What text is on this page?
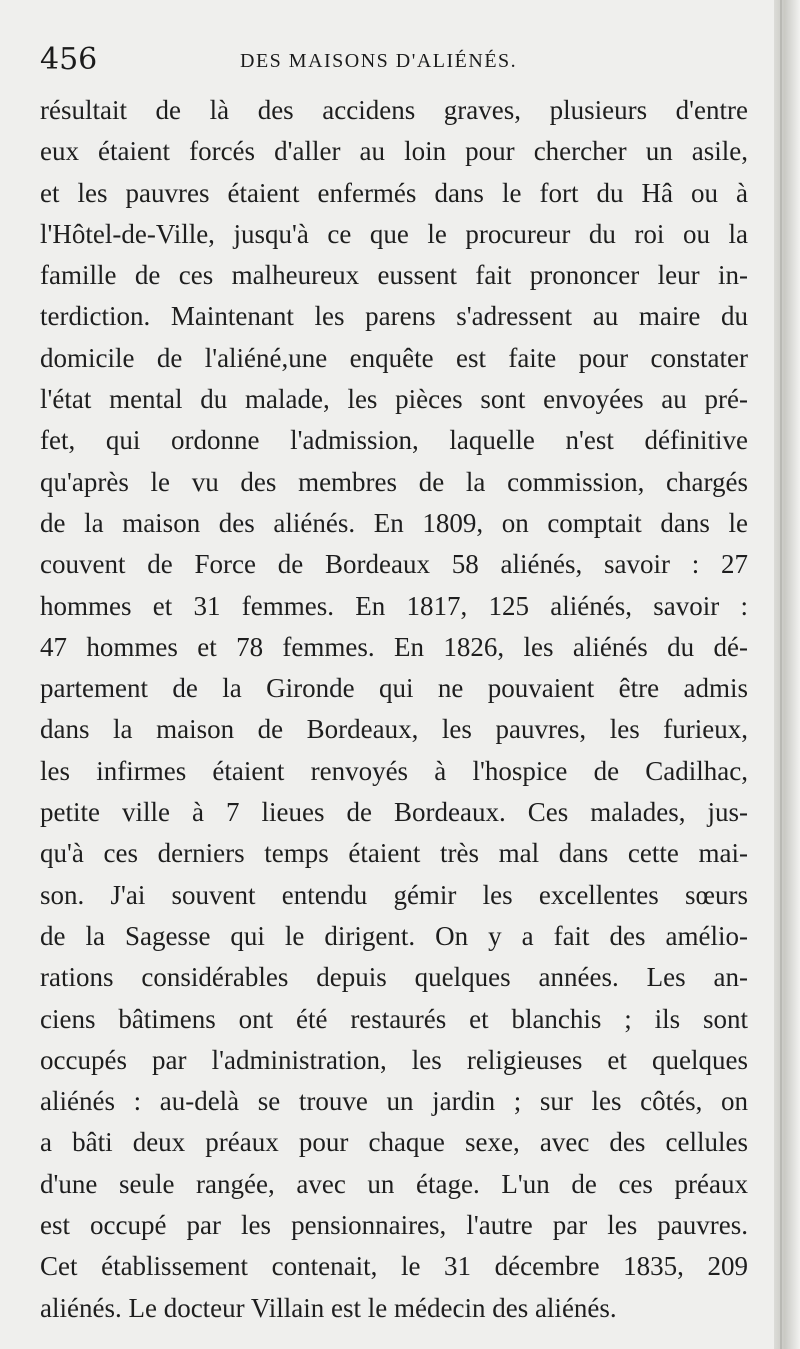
456	DES MAISONS D'ALIÉNÉS.
résultait de là des accidens graves, plusieurs d'entre
eux étaient forcés d'aller au loin pour chercher un asile,
et les pauvres étaient enfermés dans le fort du Hâ ou à
l'Hôtel-de-Ville, jusqu'à ce que le procureur du roi ou la
famille de ces malheureux eussent fait prononcer leur in-
terdiction. Maintenant les parens s'adressent au maire du
domicile de l'aliéné,une enquête est faite pour constater
l'état mental du malade, les pièces sont envoyées au pré-
fet, qui ordonne l'admission, laquelle n'est définitive
qu'après le vu des membres de la commission, chargés
de la maison des aliénés. En 1809, on comptait dans le
couvent de Force de Bordeaux 58 aliénés, savoir : 27
hommes et 31 femmes. En 1817, 125 aliénés, savoir :
47 hommes et 78 femmes. En 1826, les aliénés du dé-
partement de la Gironde qui ne pouvaient être admis
dans la maison de Bordeaux, les pauvres, les furieux,
les infirmes étaient renvoyés à l'hospice de Cadilhac,
petite ville à 7 lieues de Bordeaux. Ces malades, jus-
qu'à ces derniers temps étaient très mal dans cette mai-
son. J'ai souvent entendu gémir les excellentes sœurs
de la Sagesse qui le dirigent. On y a fait des amélio-
rations considérables depuis quelques années. Les an-
ciens bâtimens ont été restaurés et blanchis ; ils sont
occupés par l'administration, les religieuses et quelques
aliénés : au-delà se trouve un jardin ; sur les côtés, on
a bâti deux préaux pour chaque sexe, avec des cellules
d'une seule rangée, avec un étage. L'un de ces préaux
est occupé par les pensionnaires, l'autre par les pauvres.
Cet établissement contenait, le 31 décembre 1835, 209
aliénés. Le docteur Villain est le médecin des aliénés.
